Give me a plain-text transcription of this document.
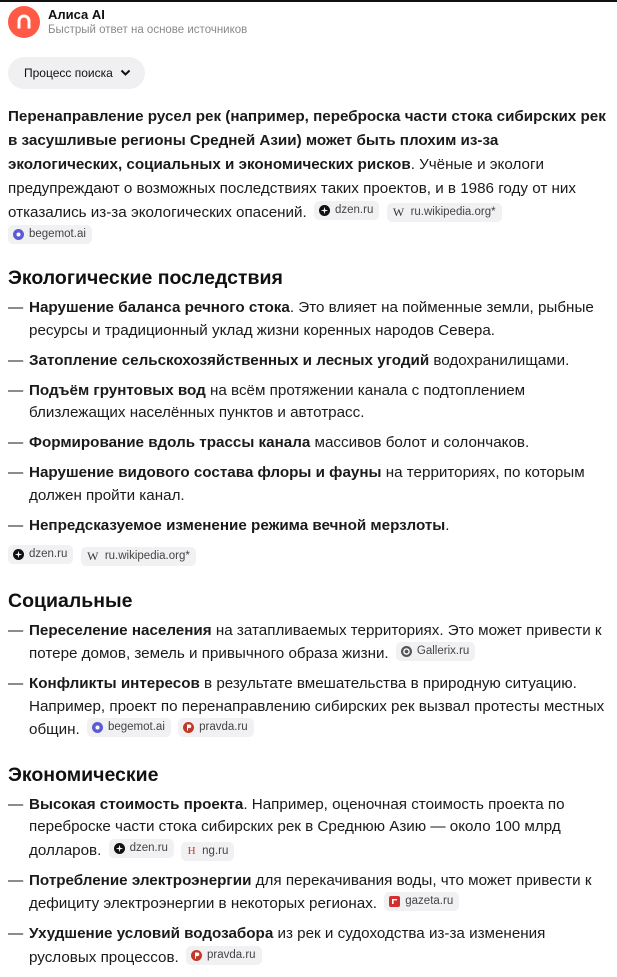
Алиса AI
Быстрый ответ на основе источников
Процесс поиска

Перенаправление русел рек (например, переброска части стока сибирских рек в засушливые регионы Средней Азии) может быть плохим из-за экологических, социальных и экономических рисков. Учёные и экологи предупреждают о возможных последствиях таких проектов, и в 1986 году от них отказались из-за экологических опасений. dzen.ru
W ru.wikipedia.org*

begemot.ai

Экологические последствия
— Нарушение баланса речного стока. Это влияет на пойменные земли, рыбные ресурсы и традиционный уклад жизни коренных народов Севера.
— Затопление сельскохозяйственных и лесных угодий водохранилищами.
— Подъём грунтовых вод на всём протяжении канала с подтоплением близлежащих населённых пунктов и автотрасс.
— Формирование вдоль трассы канала массивов болот и солончаков.
— Нарушение видового состава флоры и фауны на территориях, по которым должен пройти канал.
— Непредсказуемое изменение режима вечной мерзлоты.
dzen.ru
W ru.wikipedia.org*
Социальные
— Переселение населения на затапливаемых территориях. Это может привести к потере домов, земель и привычного образа жизни. Gallerix.ru
— Конфликты интересов в результате вмешательства в природную ситуацию. Например, проект по перенаправлению сибирских рек вызвал протесты местных общин. begemot.ai
	pravda.ru
Экономические
— Высокая стоимость проекта. Например, оценочная стоимость проекта по переброске части стока сибирских рек в Среднюю Азию — около 100 млрд долларов. dzen.ru
Н ng.ru
— Потребление электроэнергии для перекачивания воды, что может привести к дефициту электроэнергии в некоторых регионах. gazeta.ru
— Ухудшение условий водозабора из рек и судоходства из-за изменения русловых процессов. pravda.ru
